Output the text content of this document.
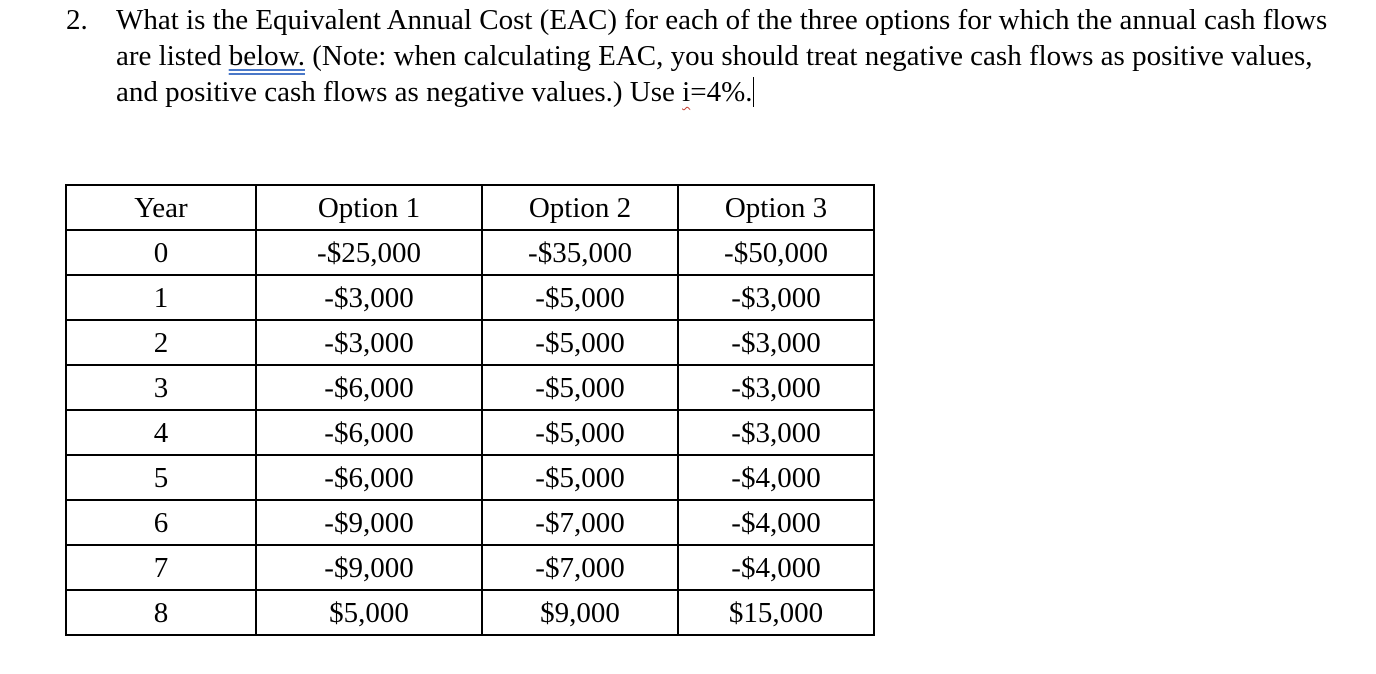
2. What is the Equivalent Annual Cost (EAC) for each of the three options for which the annual cash flows are listed below. (Note: when calculating EAC, you should treat negative cash flows as positive values, and positive cash flows as negative values.) Use i=4%.
Year	Option 1	Option 2	Option 3
0	-$25,000	-$35,000	-$50,000
1	-$3,000	-$5,000	-$3,000
2	-$3,000	-$5,000	-$3,000
3	-$6,000	-$5,000	-$3,000
4	-$6,000	-$5,000	-$3,000
5	-$6,000	-$5,000	-$4,000
6	-$9,000	-$7,000	-$4,000
7	-$9,000	-$7,000	-$4,000
8	$5,000	$9,000	$15,000
